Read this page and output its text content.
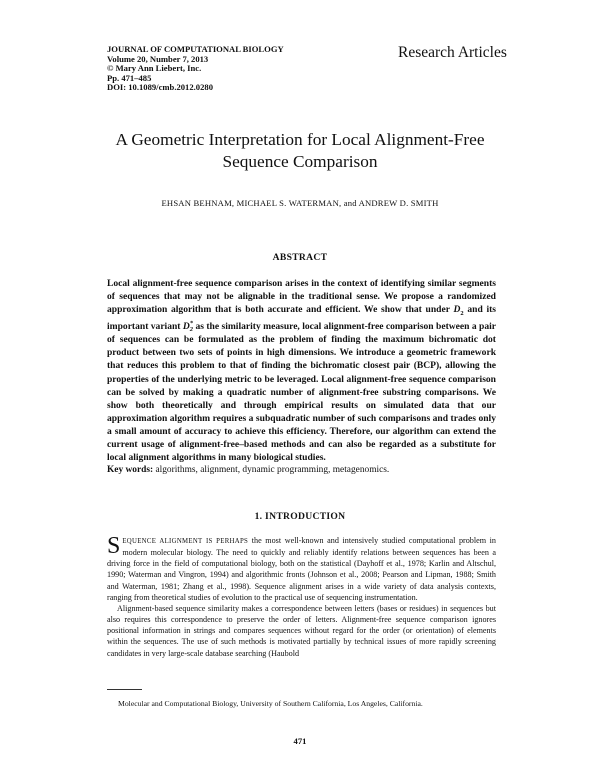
JOURNAL OF COMPUTATIONAL BIOLOGY
Volume 20, Number 7, 2013
© Mary Ann Liebert, Inc.
Pp. 471–485
DOI: 10.1089/cmb.2012.0280
Research Articles
A Geometric Interpretation for Local Alignment-Free
Sequence Comparison
EHSAN BEHNAM, MICHAEL S. WATERMAN, and ANDREW D. SMITH
ABSTRACT

Local alignment-free sequence comparison arises in the context of identifying similar segments of sequences that may not be alignable in the traditional sense. We propose a randomized approximation algorithm that is both accurate and efficient. We show that under $D_2$ and its important variant D *
2 as the similarity measure, local alignment-free comparison between a pair of sequences can be formulated as the problem of finding the maximum bichromatic dot product between two sets of points in high dimensions. We introduce a geometric framework that reduces this problem to that of finding the bichromatic closest pair (BCP), allowing the properties of the underlying metric to be leveraged. Local alignment-free sequence comparison can be solved by making a quadratic number of alignment-free substring comparisons. We show both theoretically and through empirical results on simulated data that our approximation algorithm requires a subquadratic number of such comparisons and trades only a small amount of accuracy to achieve this efficiency. Therefore, our algorithm can extend the current usage of alignment-free–based methods and can also be regarded as a substitute for local alignment algorithms in many biological studies.

Key words: algorithms, alignment, dynamic programming, metagenomics.

1. INTRODUCTION

SEQUENCE ALIGNMENT IS PERHAPS the most well-known and intensively studied computational problem in modern molecular biology. The need to quickly and reliably identify relations between sequences has been a driving force in the field of computational biology, both on the statistical (Dayhoff et al., 1978; Karlin and Altschul, 1990; Waterman and Vingron, 1994) and algorithmic fronts (Johnson et al., 2008; Pearson and Lipman, 1988; Smith and Waterman, 1981; Zhang et al., 1998). Sequence alignment arises in a wide variety of data analysis contexts, ranging from theoretical studies of evolution to the practical use of sequencing instrumentation.

Alignment-based sequence similarity makes a correspondence between letters (bases or residues) in sequences but also requires this correspondence to preserve the order of letters. Alignment-free sequence comparison ignores positional information in strings and compares sequences without regard for the order (or orientation) of elements within the sequences. The use of such methods is motivated partially by technical issues of more rapidly screening candidates in very large-scale database searching (Haubold

Molecular and Computational Biology, University of Southern California, Los Angeles, California.
471
